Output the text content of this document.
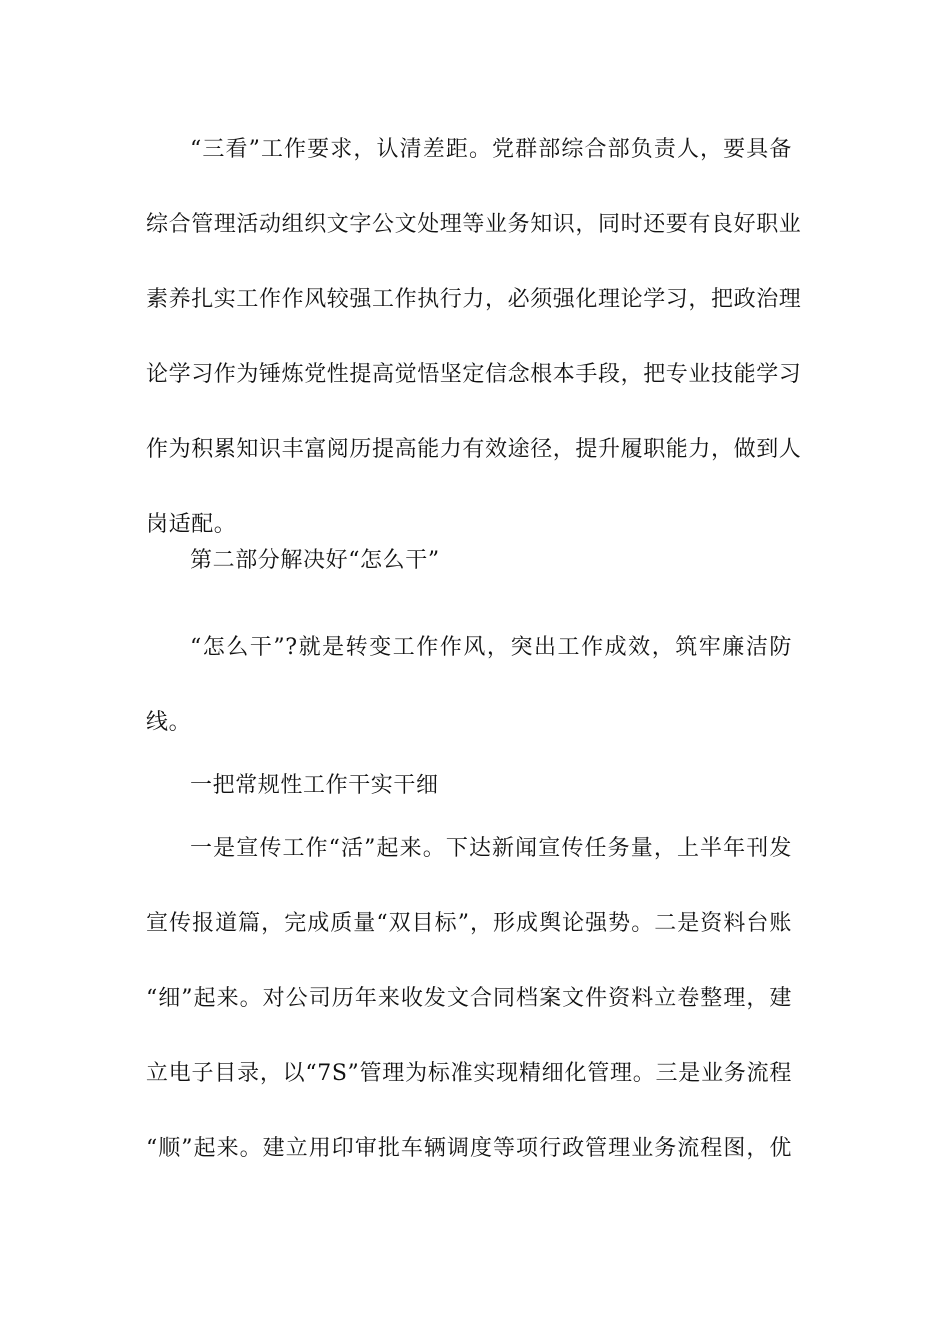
“三看”工作要求，认清差距。党群部综合部负责人，要具备
综合管理活动组织文字公文处理等业务知识，同时还要有良好职业
素养扎实工作作风较强工作执行力，必须强化理论学习，把政治理
论学习作为锤炼党性提高觉悟坚定信念根本手段，把专业技能学习
作为积累知识丰富阅历提高能力有效途径，提升履职能力，做到人
岗适配。
第二部分解决好“怎么干”
“怎么干”?就是转变工作作风，突出工作成效，筑牢廉洁防
线。
一把常规性工作干实干细
一是宣传工作“活”起来。下达新闻宣传任务量，上半年刊发
宣传报道篇，完成质量“双目标”，形成舆论强势。二是资料台账
“细”起来。对公司历年来收发文合同档案文件资料立卷整理，建
立电子目录，以“7S”管理为标准实现精细化管理。三是业务流程
“顺”起来。建立用印审批车辆调度等项行政管理业务流程图，优
